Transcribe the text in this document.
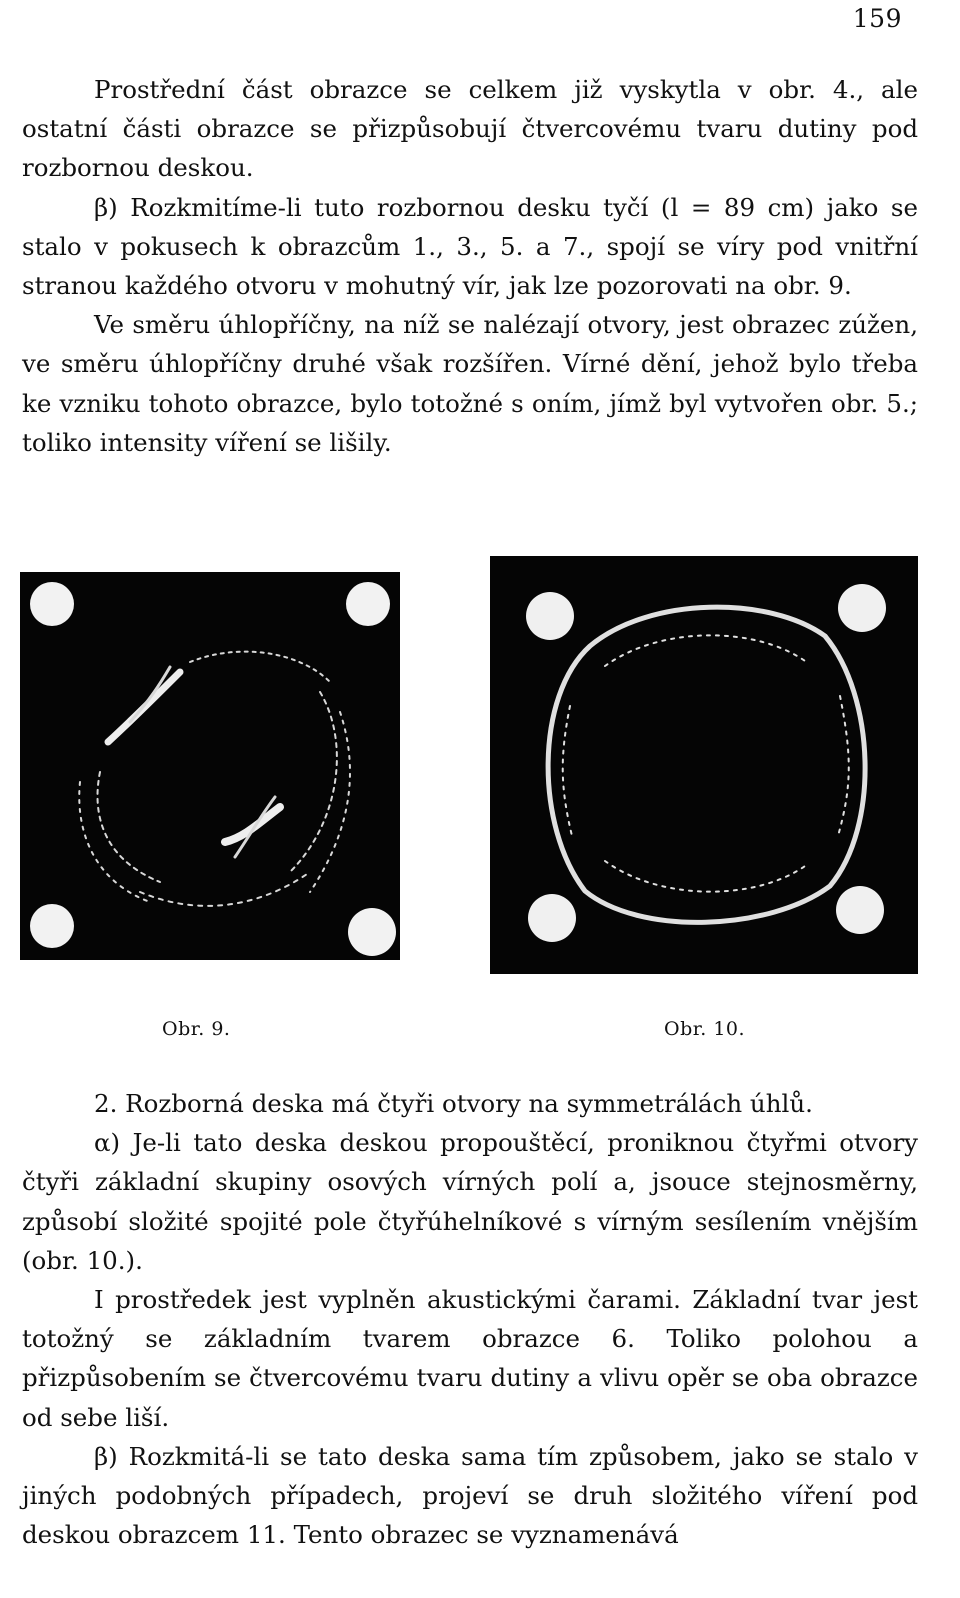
159

Prostřední část obrazce se celkem již vyskytla v obr. 4., ale ostatní části obrazce se přizpůsobují čtvercovému tvaru dutiny pod rozbornou deskou.

β) Rozkmitíme-li tuto rozbornou desku tyčí (l = 89 cm) jako se stalo v pokusech k obrazcům 1., 3., 5. a 7., spojí se víry pod vnitřní stranou každého otvoru v mohutný vír, jak lze pozorovati na obr. 9.

Ve směru úhlopříčny, na níž se nalézají otvory, jest obrazec zúžen, ve směru úhlopříčny druhé však rozšířen. Vírné dění, jehož bylo třeba ke vzniku tohoto obrazce, bylo totožné s oním, jímž byl vytvořen obr. 5.; toliko intensity víření se lišily.

Obr. 9.	Obr. 10.

2. Rozborná deska má čtyři otvory na symmetrálách úhlů.

α) Je-li tato deska deskou propouštěcí, proniknou čtyřmi otvory čtyři základní skupiny osových vírných polí a, jsouce stejnosměrny, způsobí složité spojité pole čtyřúhelníkové s vírným sesílením vnějším (obr. 10.).

I prostředek jest vyplněn akustickými čarami. Základní tvar jest totožný se základním tvarem obrazce 6. Toliko polohou a přizpůsobením se čtvercovému tvaru dutiny a vlivu opěr se oba obrazce od sebe liší.

β) Rozkmitá-li se tato deska sama tím způsobem, jako se stalo v jiných podobných případech, projeví se druh složitého víření pod deskou obrazcem 11. Tento obrazec se vyznamenává
